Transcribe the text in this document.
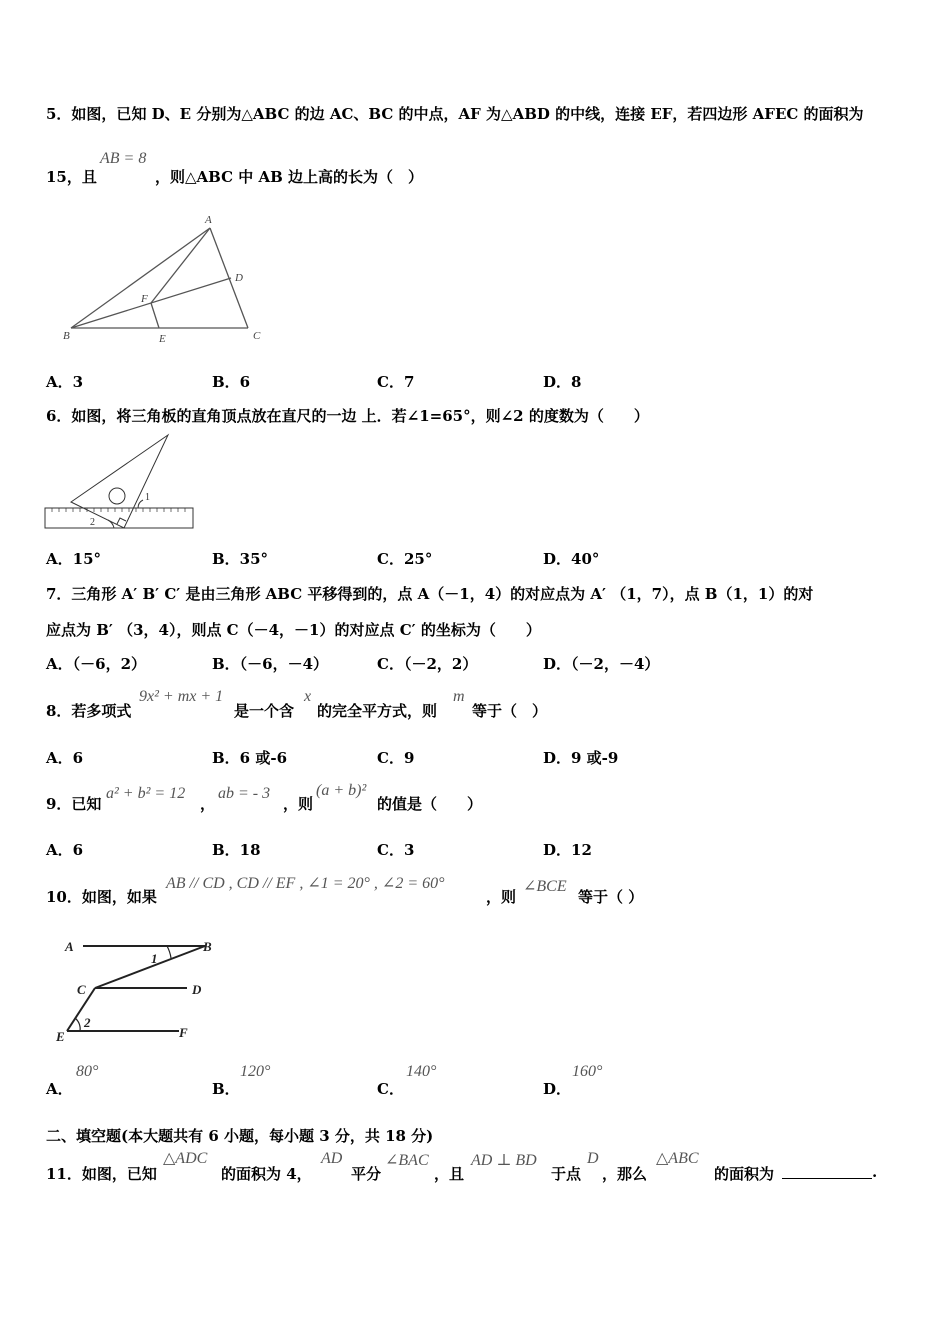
5．如图，已知 D、E 分别为△ABC 的边 AC、BC 的中点，AF 为△ABD 的中线，连接 EF，若四边形 AFEC 的面积为
15，且
AB = 8
，则△ABC 中 AB 边上高的长为（　）
A
D
F
B	E	C
A．3	B．6	C．7	D．8
6．如图，将三角板的直角顶点放在直尺的一边 上．若∠1=65°，则∠2 的度数为（　　）
1
2
A．15°	B．35°	C．25°	D．40°
7．三角形 A′ B′ C′ 是由三角形 ABC 平移得到的，点 A（－1，4）的对应点为 A′ （1，7），点 B（1，1）的对
应点为 B′ （3，4），则点 C（－4，－1）的对应点 C′ 的坐标为（　　）
A．（－6，2）	B．（－6，－4）	C．（－2，2）	D．（－2，－4）
8．若多项式
9x² + mx + 1
是一个含
x
的完全平方式，则
m
等于（　）
A．6	B．6 或-6	C．9	D．9 或-9
9．已知
a² + b² = 12
，
ab = - 3
，则
(a + b)²
的值是（　　）
A．6	B．18	C．3	D．12
10．如图，如果
AB // CD , CD // EF , ∠1 = 20° , ∠2 = 60°
，则
∠BCE
等于（ ）
A	B
1
C	D
2
E	F
A．
80°
B．
120°
C．
140°
D．
160°
二、填空题(本大题共有 6 小题，每小题 3 分，共 18 分)
11．如图，已知
△ADC
的面积为 4，
AD
平分
∠BAC
，且
AD ⊥ BD
于点
D
，那么
△ABC
的面积为	.
